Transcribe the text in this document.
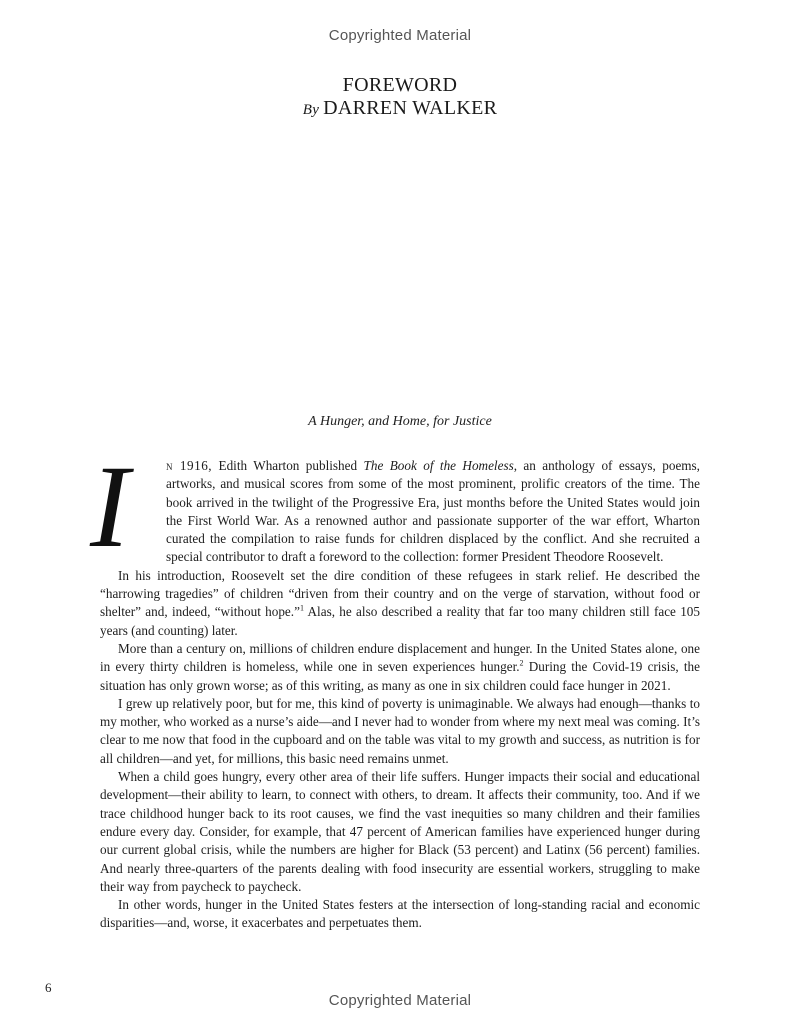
Copyrighted Material
FOREWORD
By DARREN WALKER
A Hunger, and Home, for Justice

I	n 1916, Edith Wharton published The Book of the Homeless, an anthology of essays, poems, artworks, and musical scores from some of the most prominent, prolific creators of the time. The book arrived in the twilight of the Progressive Era, just months before the United States would join the First World War. As a renowned author and passionate supporter of the war effort, Wharton curated the compilation to raise funds for children displaced by the conflict. And she recruited a special contributor to draft a foreword to the collection: former President Theodore Roosevelt.

In his introduction, Roosevelt set the dire condition of these refugees in stark relief. He described the “harrowing tragedies” of children “driven from their country and on the verge of starvation, without food or shelter” and, indeed, “without hope.”$^1$ Alas, he also described a reality that far too many children still face 105 years (and counting) later.

More than a century on, millions of children endure displacement and hunger. In the United States alone, one in every thirty children is homeless, while one in seven experiences hunger.$^2$ During the Covid-19 crisis, the situation has only grown worse; as of this writing, as many as one in six children could face hunger in 2021.

I grew up relatively poor, but for me, this kind of poverty is unimaginable. We always had enough—thanks to my mother, who worked as a nurse’s aide—and I never had to wonder from where my next meal was coming. It’s clear to me now that food in the cupboard and on the table was vital to my growth and success, as nutrition is for all children—and yet, for millions, this basic need remains unmet.

When a child goes hungry, every other area of their life suffers. Hunger impacts their social and educational development—their ability to learn, to connect with others, to dream. It affects their community, too. And if we trace childhood hunger back to its root causes, we find the vast inequities so many children and their families endure every day. Consider, for example, that 47 percent of American families have experienced hunger during our current global crisis, while the numbers are higher for Black (53 percent) and Latinx (56 percent) families. And nearly three-quarters of the parents dealing with food insecurity are essential workers, struggling to make their way from paycheck to paycheck.

In other words, hunger in the United States festers at the intersection of long-standing racial and economic disparities—and, worse, it exacerbates and perpetuates them.

6
Copyrighted Material
